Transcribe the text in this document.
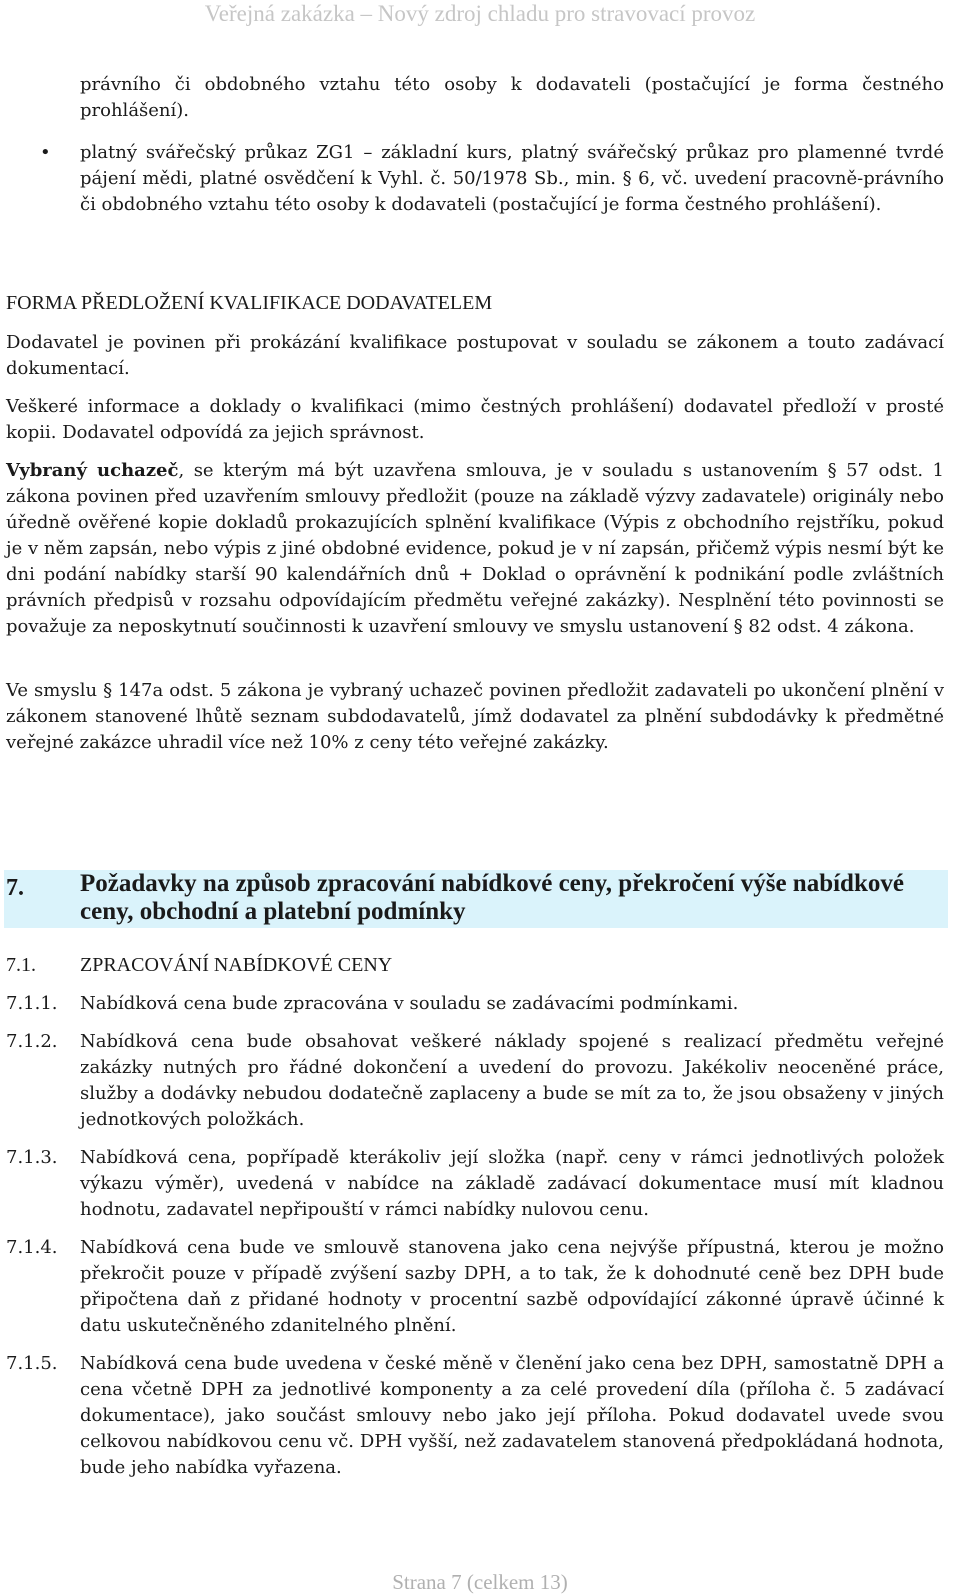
Veřejná zakázka – Nový zdroj chladu pro stravovací provoz

právního či obdobného vztahu této osoby k dodavateli (postačující je forma čestného prohlášení).

• platný svářečský průkaz ZG1 – základní kurs, platný svářečský průkaz pro plamenné tvrdé pájení mědi, platné osvědčení k Vyhl. č. 50/1978 Sb., min. § 6, vč. uvedení pracovně-právního či obdobného vztahu této osoby k dodavateli (postačující je forma čestného prohlášení).

FORMA PŘEDLOŽENÍ KVALIFIKACE DODAVATELEM

Dodavatel je povinen při prokázání kvalifikace postupovat v souladu se zákonem a touto zadávací dokumentací.

Veškeré informace a doklady o kvalifikaci (mimo čestných prohlášení) dodavatel předloží v prosté kopii. Dodavatel odpovídá za jejich správnost.

Vybraný uchazeč, se kterým má být uzavřena smlouva, je v souladu s ustanovením § 57 odst. 1 zákona povinen před uzavřením smlouvy předložit (pouze na základě výzvy zadavatele) originály nebo úředně ověřené kopie dokladů prokazujících splnění kvalifikace (Výpis z obchodního rejstříku, pokud je v něm zapsán, nebo výpis z jiné obdobné evidence, pokud je v ní zapsán, přičemž výpis nesmí být ke dni podání nabídky starší 90 kalendářních dnů + Doklad o oprávnění k podnikání podle zvláštních právních předpisů v rozsahu odpovídajícím předmětu veřejné zakázky). Nesplnění této povinnosti se považuje za neposkytnutí součinnosti k uzavření smlouvy ve smyslu ustanovení § 82 odst. 4 zákona.

Ve smyslu § 147a odst. 5 zákona je vybraný uchazeč povinen předložit zadavateli po ukončení plnění v zákonem stanovené lhůtě seznam subdodavatelů, jímž dodavatel za plnění subdodávky k předmětné veřejné zakázce uhradil více než 10% z ceny této veřejné zakázky.

7. Požadavky na způsob zpracování nabídkové ceny, překročení výše nabídkové ceny, obchodní a platební podmínky
7.1. ZPRACOVÁNÍ NABÍDKOVÉ CENY

7.1.1. Nabídková cena bude zpracována v souladu se zadávacími podmínkami.

7.1.2. Nabídková cena bude obsahovat veškeré náklady spojené s realizací předmětu veřejné zakázky nutných pro řádné dokončení a uvedení do provozu. Jakékoliv neoceněné práce, služby a dodávky nebudou dodatečně zaplaceny a bude se mít za to, že jsou obsaženy v jiných jednotkových položkách.

7.1.3. Nabídková cena, popřípadě kterákoliv její složka (např. ceny v rámci jednotlivých položek výkazu výměr), uvedená v nabídce na základě zadávací dokumentace musí mít kladnou hodnotu, zadavatel nepřipouští v rámci nabídky nulovou cenu.

7.1.4. Nabídková cena bude ve smlouvě stanovena jako cena nejvýše přípustná, kterou je možno překročit pouze v případě zvýšení sazby DPH, a to tak, že k dohodnuté ceně bez DPH bude připočtena daň z přidané hodnoty v procentní sazbě odpovídající zákonné úpravě účinné k datu uskutečněného zdanitelného plnění.

7.1.5. Nabídková cena bude uvedena v české měně v členění jako cena bez DPH, samostatně DPH a cena včetně DPH za jednotlivé komponenty a za celé provedení díla (příloha č. 5 zadávací dokumentace), jako součást smlouvy nebo jako její příloha. Pokud dodavatel uvede svou celkovou nabídkovou cenu vč. DPH vyšší, než zadavatelem stanovená předpokládaná hodnota, bude jeho nabídka vyřazena.

Strana 7 (celkem 13)
